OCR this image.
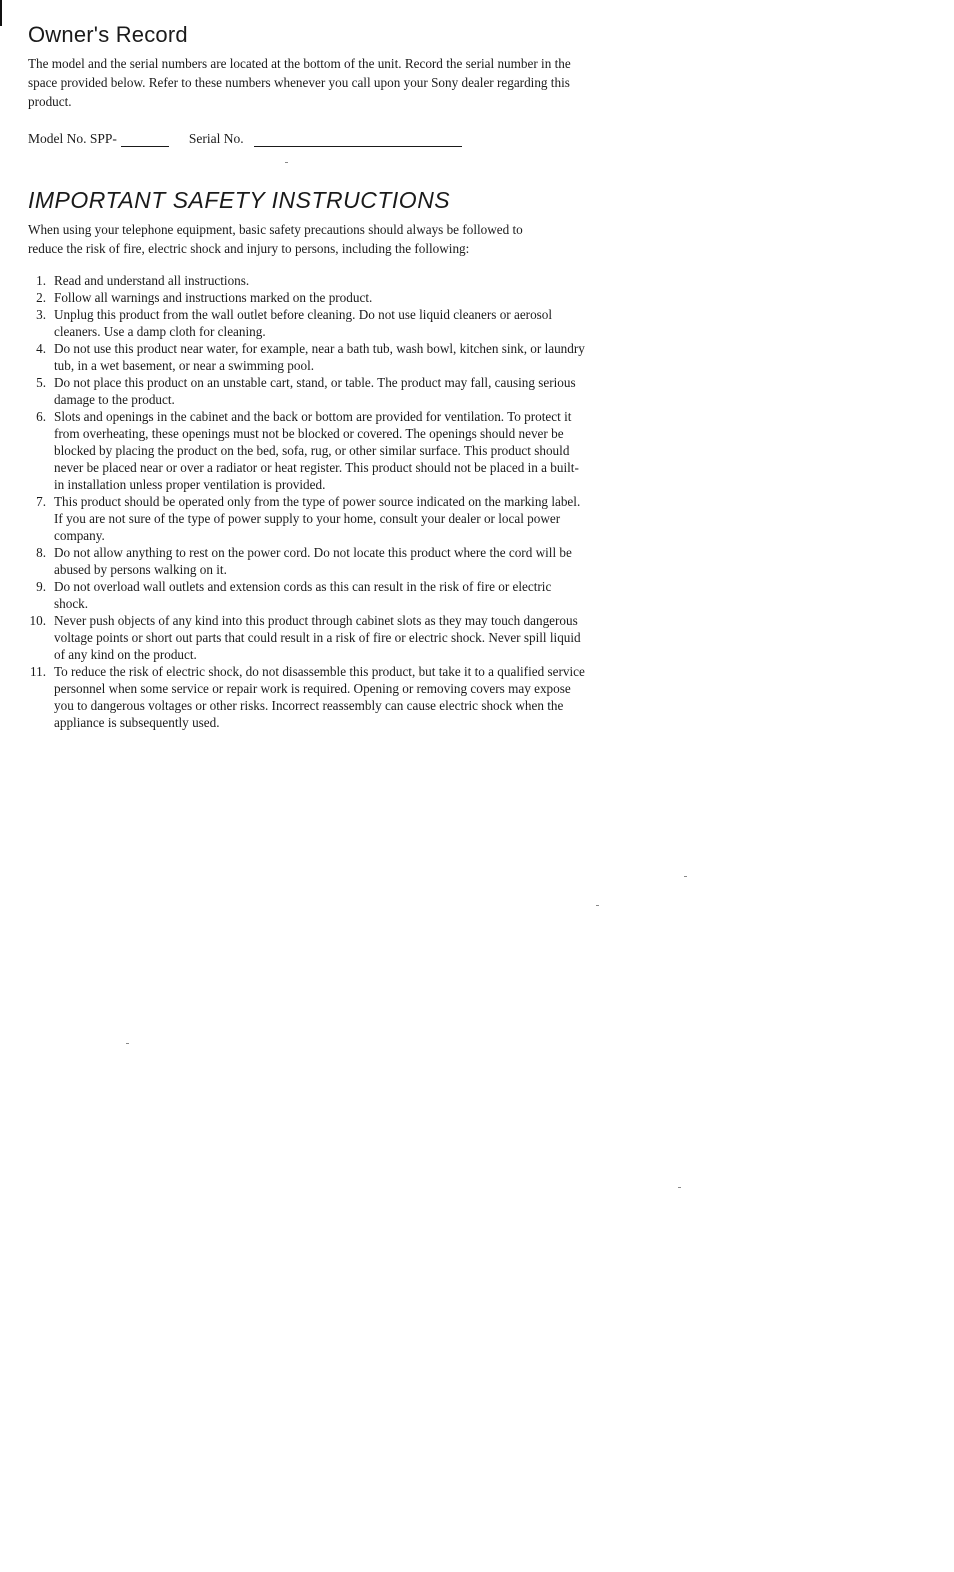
Owner's Record

The model and the serial numbers are located at the bottom of the unit. Record the serial number in the space provided below. Refer to these numbers whenever you call upon your Sony dealer regarding this product.

Model No. SPP-	Serial No.
IMPORTANT SAFETY INSTRUCTIONS

When using your telephone equipment, basic safety precautions should always be followed to reduce the risk of fire, electric shock and injury to persons, including the following:

1. Read and understand all instructions.
2. Follow all warnings and instructions marked on the product.
3. Unplug this product from the wall outlet before cleaning. Do not use liquid cleaners or aerosol cleaners. Use a damp cloth for cleaning.
4. Do not use this product near water, for example, near a bath tub, wash bowl, kitchen sink, or laundry tub, in a wet basement, or near a swimming pool.
5. Do not place this product on an unstable cart, stand, or table. The product may fall, causing serious damage to the product.
6. Slots and openings in the cabinet and the back or bottom are provided for ventilation. To protect it from overheating, these openings must not be blocked or covered. The openings should never be blocked by placing the product on the bed, sofa, rug, or other similar surface. This product should never be placed near or over a radiator or heat register. This product should not be placed in a built-in installation unless proper ventilation is provided.
7. This product should be operated only from the type of power source indicated on the marking label. If you are not sure of the type of power supply to your home, consult your dealer or local power company.
8. Do not allow anything to rest on the power cord. Do not locate this product where the cord will be abused by persons walking on it.
9. Do not overload wall outlets and extension cords as this can result in the risk of fire or electric shock.
10. Never push objects of any kind into this product through cabinet slots as they may touch dangerous voltage points or short out parts that could result in a risk of fire or electric shock. Never spill liquid of any kind on the product.
11. To reduce the risk of electric shock, do not disassemble this product, but take it to a qualified service personnel when some service or repair work is required. Opening or removing covers may expose you to dangerous voltages or other risks. Incorrect reassembly can cause electric shock when the appliance is subsequently used.
